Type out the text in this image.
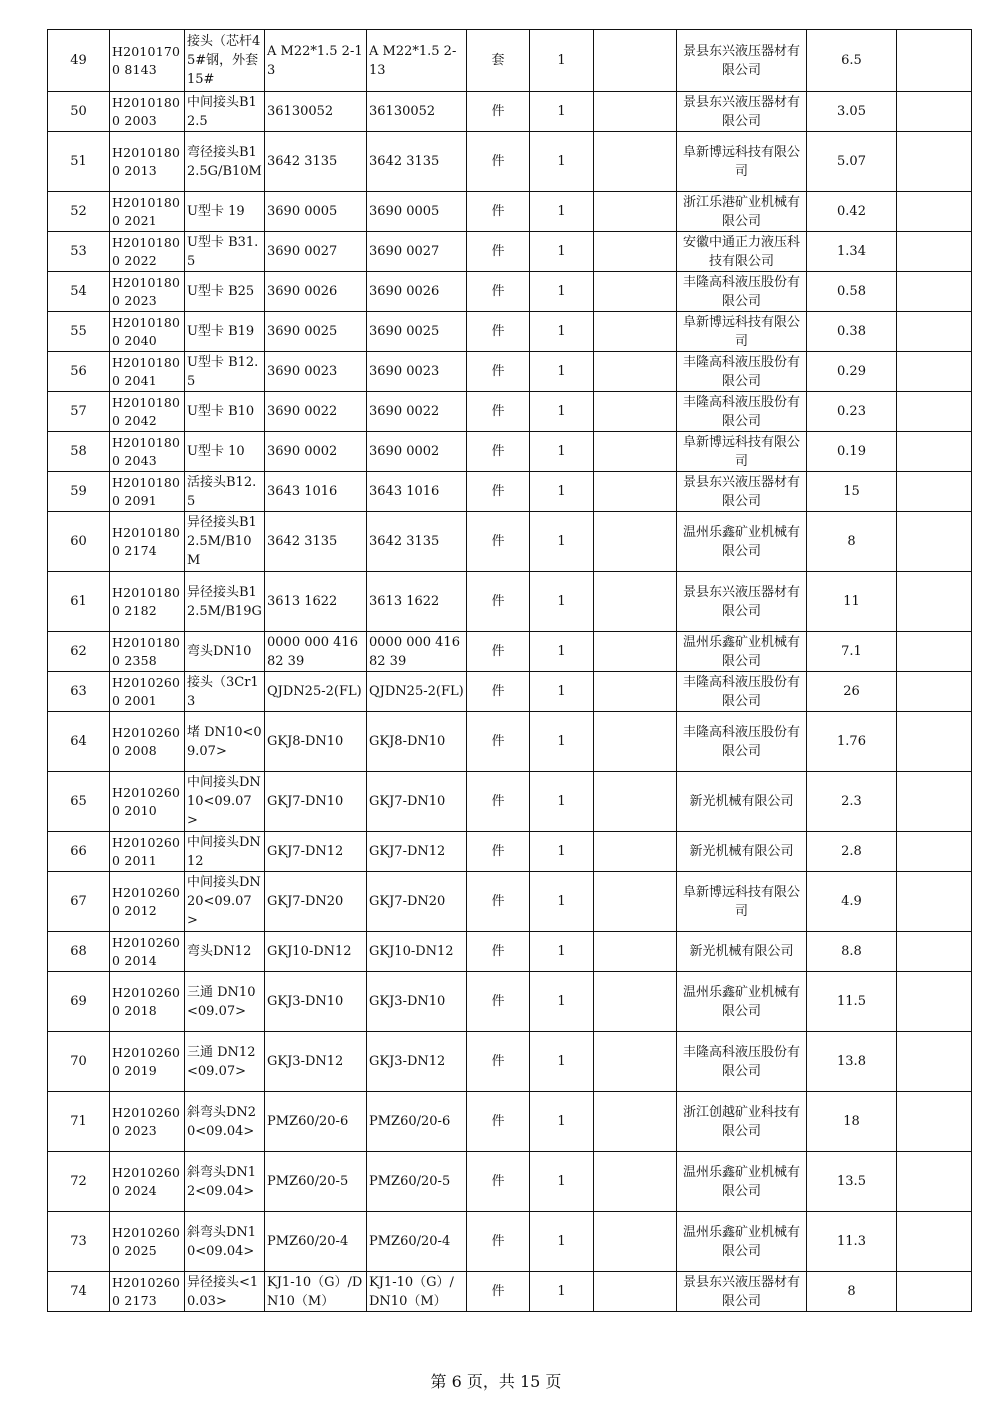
49	H20101700 8143	接头（芯杆45#钢，外套15#	A M22*1.5 2-13	A M22*1.5 2-13	套	1		景县东兴液压器材有限公司	6.5	
50	H20101800 2003	中间接头B12.5	36130052	36130052	件	1		景县东兴液压器材有限公司	3.05	
51	H20101800 2013	弯径接头B12.5G/B10M	3642 3135	3642 3135	件	1		阜新博远科技有限公司	5.07	
52	H20101800 2021	U型卡 19	3690 0005	3690 0005	件	1		浙江乐港矿业机械有限公司	0.42	
53	H20101800 2022	U型卡 B31.5	3690 0027	3690 0027	件	1		安徽中通正力液压科技有限公司	1.34	
54	H20101800 2023	U型卡 B25	3690 0026	3690 0026	件	1		丰隆高科液压股份有限公司	0.58	
55	H20101800 2040	U型卡 B19	3690 0025	3690 0025	件	1		阜新博远科技有限公司	0.38	
56	H20101800 2041	U型卡 B12.5	3690 0023	3690 0023	件	1		丰隆高科液压股份有限公司	0.29	
57	H20101800 2042	U型卡 B10	3690 0022	3690 0022	件	1		丰隆高科液压股份有限公司	0.23	
58	H20101800 2043	U型卡 10	3690 0002	3690 0002	件	1		阜新博远科技有限公司	0.19	
59	H20101800 2091	活接头B12.5	3643 1016	3643 1016	件	1		景县东兴液压器材有限公司	15	
60	H20101800 2174	异径接头B12.5M/B10M	3642 3135	3642 3135	件	1		温州乐鑫矿业机械有限公司	8	
61	H20101800 2182	异径接头B12.5M/B19G	3613 1622	3613 1622	件	1		景县东兴液压器材有限公司	11	
62	H20101800 2358	弯头DN10	0000 000 416 82 39	0000 000 416 82 39	件	1		温州乐鑫矿业机械有限公司	7.1	
63	H20102600 2001	接头（3Cr13	QJDN25-2(FL)	QJDN25-2(FL)	件	1		丰隆高科液压股份有限公司	26	
64	H20102600 2008	堵 DN10<09.07>	GKJ8-DN10	GKJ8-DN10	件	1		丰隆高科液压股份有限公司	1.76	
65	H20102600 2010	中间接头DN10<09.07>	GKJ7-DN10	GKJ7-DN10	件	1		新光机械有限公司	2.3	
66	H20102600 2011	中间接头DN12	GKJ7-DN12	GKJ7-DN12	件	1		新光机械有限公司	2.8	
67	H20102600 2012	中间接头DN20<09.07>	GKJ7-DN20	GKJ7-DN20	件	1		阜新博远科技有限公司	4.9	
68	H20102600 2014	弯头DN12	GKJ10-DN12	GKJ10-DN12	件	1		新光机械有限公司	8.8	
69	H20102600 2018	三通 DN10<09.07>	GKJ3-DN10	GKJ3-DN10	件	1		温州乐鑫矿业机械有限公司	11.5	
70	H20102600 2019	三通 DN12<09.07>	GKJ3-DN12	GKJ3-DN12	件	1		丰隆高科液压股份有限公司	13.8	
71	H20102600 2023	斜弯头DN20<09.04>	PMZ60/20-6	PMZ60/20-6	件	1		浙江创越矿业科技有限公司	18	
72	H20102600 2024	斜弯头DN12<09.04>	PMZ60/20-5	PMZ60/20-5	件	1		温州乐鑫矿业机械有限公司	13.5	
73	H20102600 2025	斜弯头DN10<09.04>	PMZ60/20-4	PMZ60/20-4	件	1		温州乐鑫矿业机械有限公司	11.3	
74	H20102600 2173	异径接头<10.03>	KJ1-10（G）/DN10（M）	KJ1-10（G）/DN10（M）	件	1		景县东兴液压器材有限公司	8	
第 6 页，共 15 页
